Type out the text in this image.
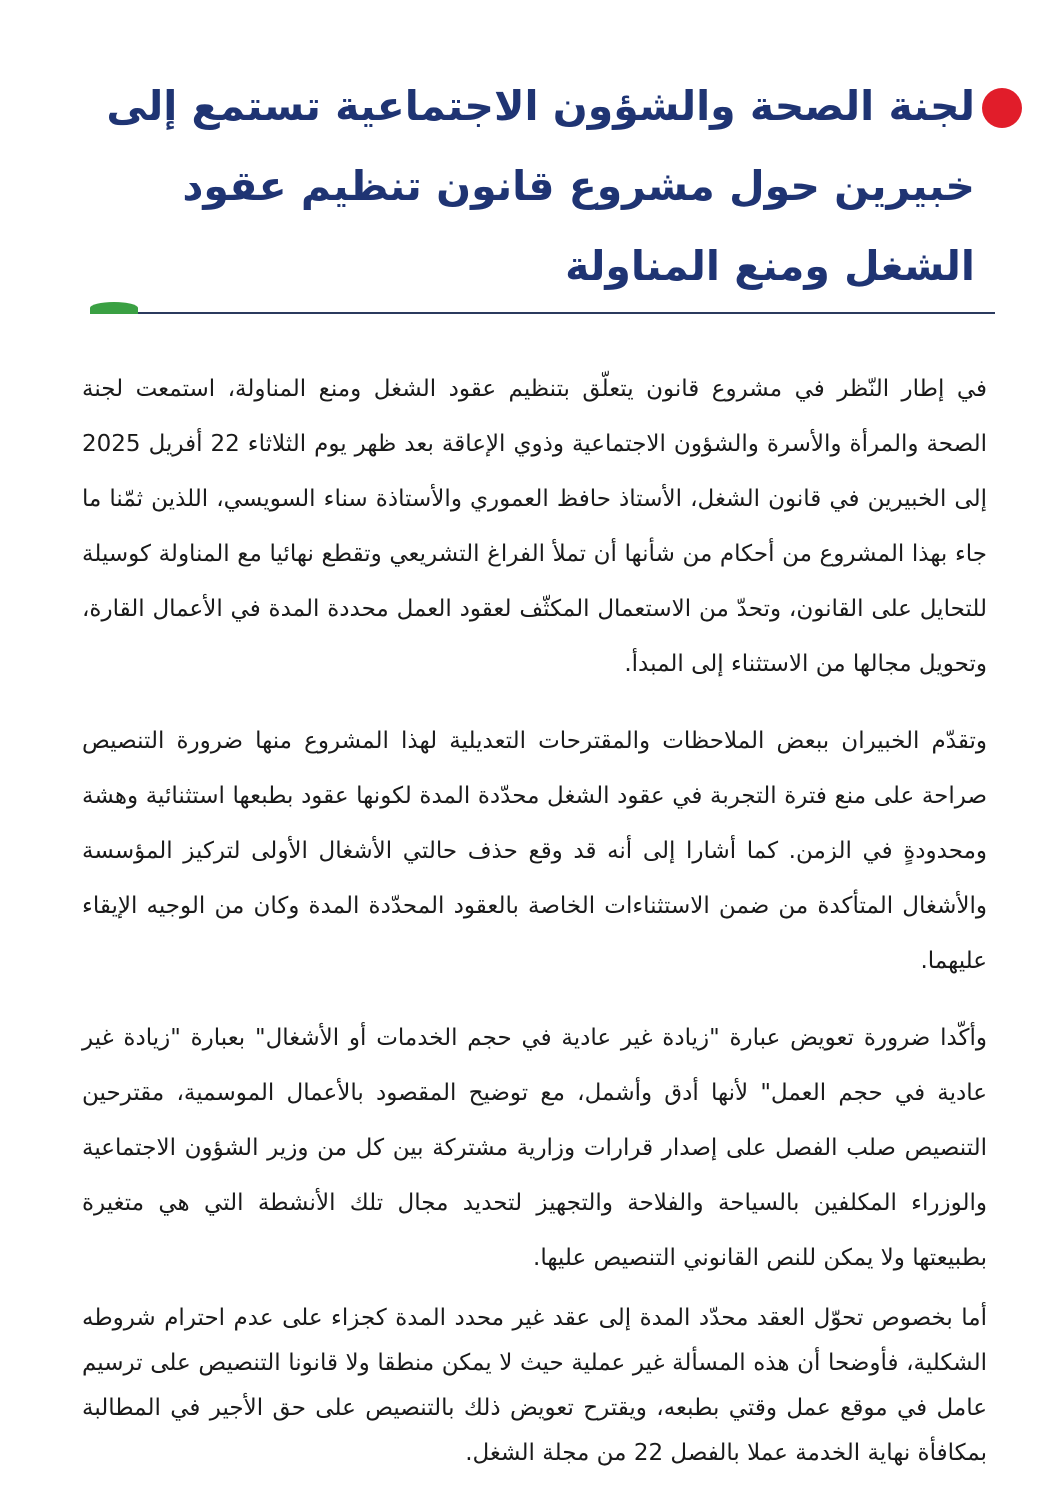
لجنة الصحة والشؤون الاجتماعية تستمع إلى خبيرين حول مشروع قانون تنظيم عقود الشغل ومنع المناولة

في إطار النّظر في مشروع قانون يتعلّق بتنظيم عقود الشغل ومنع المناولة، استمعت لجنة الصحة والمرأة والأسرة والشؤون الاجتماعية وذوي الإعاقة بعد ظهر يوم الثلاثاء 22 أفريل 2025 إلى الخبيرين في قانون الشغل، الأستاذ حافظ العموري والأستاذة سناء السويسي، اللذين ثمّنا ما جاء بهذا المشروع من أحكام من شأنها أن تملأ الفراغ التشريعي وتقطع نهائيا مع المناولة كوسيلة للتحايل على القانون، وتحدّ من الاستعمال المكثّف لعقود العمل محددة المدة في الأعمال القارة، وتحويل مجالها من الاستثناء إلى المبدأ.

وتقدّم الخبيران ببعض الملاحظات والمقترحات التعديلية لهذا المشروع منها ضرورة التنصيص صراحة على منع فترة التجربة في عقود الشغل محدّدة المدة لكونها عقود بطبعها استثنائية وهشة ومحدودةٍ في الزمن. كما أشارا إلى أنه قد وقع حذف حالتي الأشغال الأولى لتركيز المؤسسة والأشغال المتأكدة من ضمن الاستثناءات الخاصة بالعقود المحدّدة المدة وكان من الوجيه الإيقاء عليهما.

وأكّدا ضرورة تعويض عبارة "زيادة غير عادية في حجم الخدمات أو الأشغال" بعبارة "زيادة غير عادية في حجم العمل" لأنها أدق وأشمل، مع توضيح المقصود بالأعمال الموسمية، مقترحين التنصيص صلب الفصل على إصدار قرارات وزارية مشتركة بين كل من وزير الشؤون الاجتماعية والوزراء المكلفين بالسياحة والفلاحة والتجهيز لتحديد مجال تلك الأنشطة التي هي متغيرة بطبيعتها ولا يمكن للنص القانوني التنصيص عليها.

أما بخصوص تحوّل العقد محدّد المدة إلى عقد غير محدد المدة كجزاء على عدم احترام شروطه الشكلية، فأوضحا أن هذه المسألة غير عملية حيث لا يمكن منطقا ولا قانونا التنصيص على ترسيم عامل في موقع عمل وقتي بطبعه، ويقترح تعويض ذلك بالتنصيص على حق الأجير في المطالبة بمكافأة نهاية الخدمة عملا بالفصل 22 من مجلة الشغل.
